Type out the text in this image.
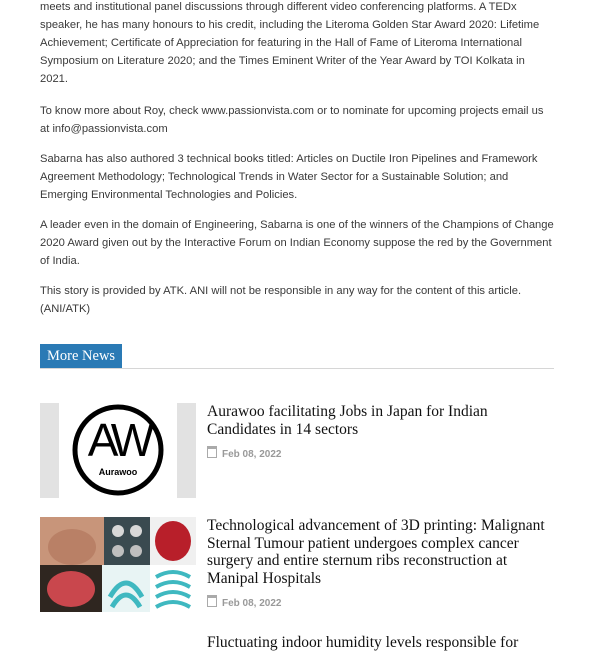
meets and institutional panel discussions through different video conferencing platforms. A TEDx speaker, he has many honours to his credit, including the Literoma Golden Star Award 2020: Lifetime Achievement; Certificate of Appreciation for featuring in the Hall of Fame of Literoma International Symposium on Literature 2020; and the Times Eminent Writer of the Year Award by TOI Kolkata in 2021.

To know more about Roy, check www.passionvista.com or to nominate for upcoming projects email us at info@passionvista.com

Sabarna has also authored 3 technical books titled: Articles on Ductile Iron Pipelines and Framework Agreement Methodology; Technological Trends in Water Sector for a Sustainable Solution; and Emerging Environmental Technologies and Policies.

A leader even in the domain of Engineering, Sabarna is one of the winners of the Champions of Change 2020 Award given out by the Interactive Forum on Indian Economy suppose the red by the Government of India.

This story is provided by ATK. ANI will not be responsible in any way for the content of this article. (ANI/ATK)

More News
AW
Aurawoo

Aurawoo facilitating Jobs in Japan for Indian Candidates in 14 sectors

Feb 08, 2022

Technological advancement of 3D printing: Malignant Sternal Tumour patient undergoes complex cancer surgery and entire sternum ribs reconstruction at Manipal Hospitals

Feb 08, 2022

Fluctuating indoor humidity levels responsible for
